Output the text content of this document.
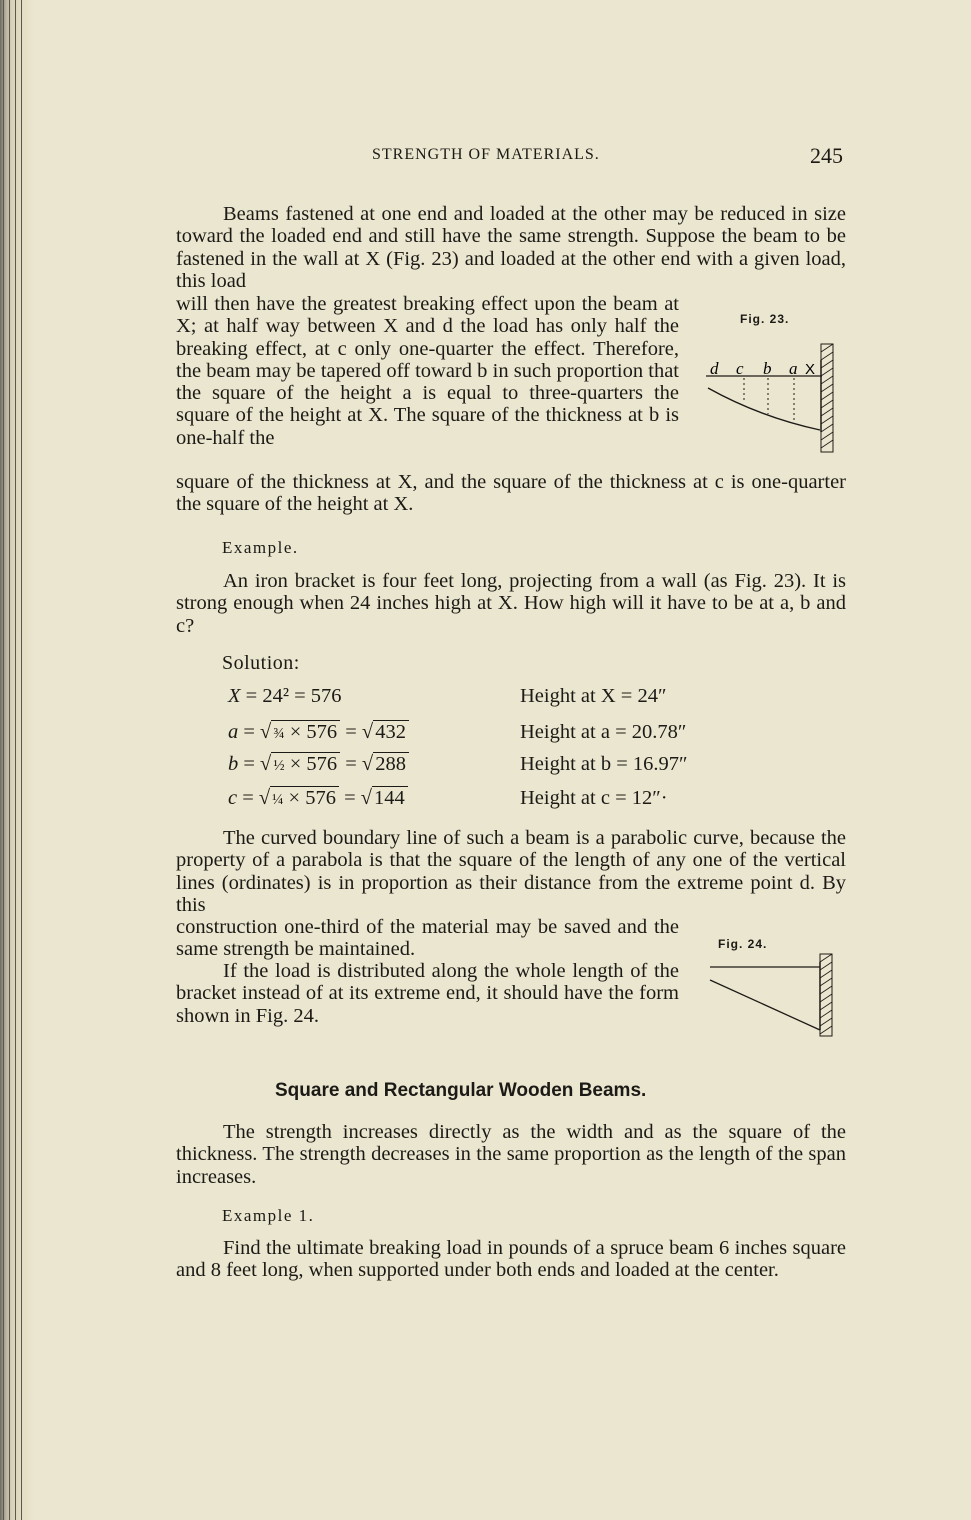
STRENGTH OF MATERIALS.	245

Beams fastened at one end and loaded at the other may be reduced in size toward the loaded end and still have the same strength. Suppose the beam to be fastened in the wall at X (Fig. 23) and loaded at the other end with a given load, this load

will then have the greatest breaking effect upon the beam at X; at half way between X and d the load has only half the breaking effect, at c only one-quarter the effect. Therefore, the beam may be tapered off toward b in such proportion that the square of the height a is equal to three-quarters the square of the height at X. The square of the thickness at b is one-half the

square of the thickness at X, and the square of the thickness at c is one-quarter the square of the height at X.

Fig. 23.
d c b a X
Example.

An iron bracket is four feet long, projecting from a wall (as Fig. 23). It is strong enough when 24 inches high at X. How high will it have to be at a, b and c?

Solution:
X = 24² = 576	Height at X = 24″
a = √ ¾ × 576 = √432	Height at a = 20.78″
b = √ ½ × 576 = √288	Height at b = 16.97″
c = √ ¼ × 576 = √144	Height at c = 12″·

The curved boundary line of such a beam is a parabolic curve, because the property of a parabola is that the square of the length of any one of the vertical lines (ordinates) is in proportion as their distance from the extreme point d. By this

construction one-third of the material may be saved and the same strength be maintained.

If the load is distributed along the whole length of the bracket instead of at its extreme end, it should have the form shown in Fig. 24.

Fig. 24.
Square and Rectangular Wooden Beams.

The strength increases directly as the width and as the square of the thickness. The strength decreases in the same proportion as the length of the span increases.

Example 1.

Find the ultimate breaking load in pounds of a spruce beam 6 inches square and 8 feet long, when supported under both ends and loaded at the center.
